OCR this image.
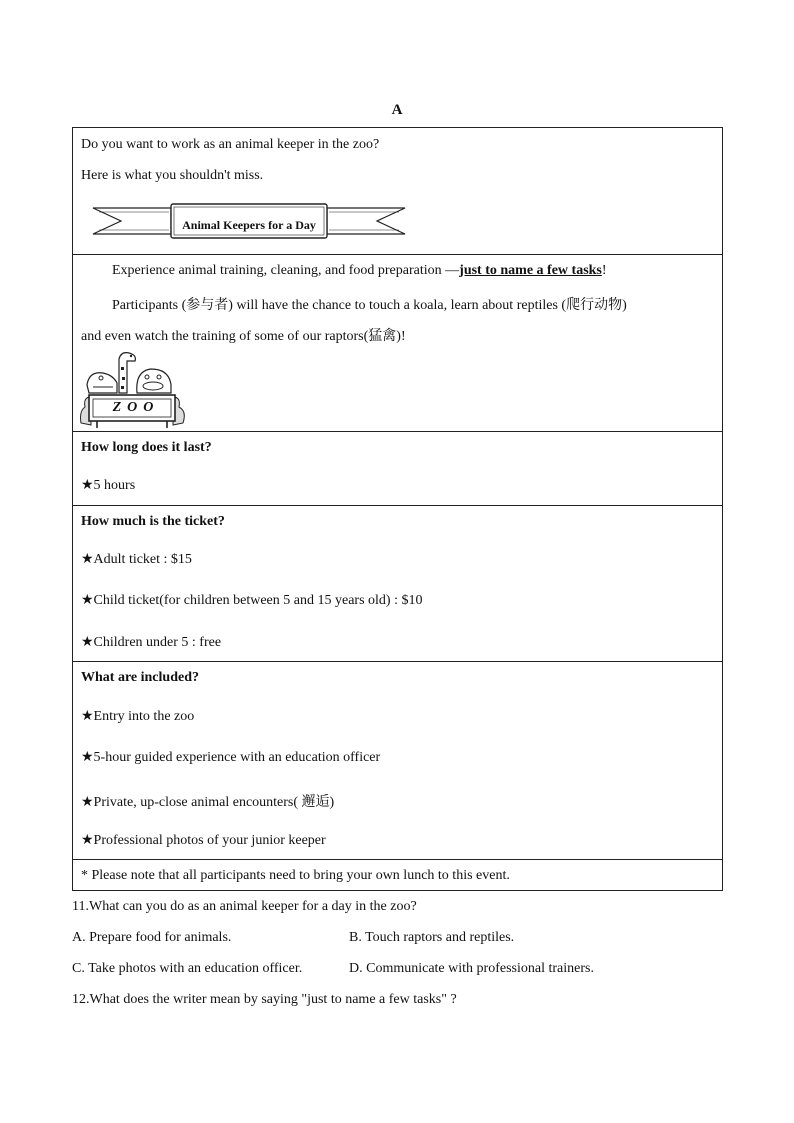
A
Do you want to work as an animal keeper in the zoo?
Here is what you shouldn't miss.
Animal Keepers for a Day
Experience animal training, cleaning, and food preparation —just to name a few tasks!
Participants (参与者) will have the chance to touch a koala, learn about reptiles (爬行动物)
and even watch the training of some of our raptors(猛禽)!
ZOO
How long does it last?
★5 hours
How much is the ticket?
★Adult ticket : $15
★Child ticket(for children between 5 and 15 years old) : $10
★Children under 5 : free
What are included?
★Entry into the zoo
★5-hour guided experience with an education officer
★Private, up-close animal encounters( 邂逅)
★Professional photos of your junior keeper
* Please note that all participants need to bring your own lunch to this event.
11.What can you do as an animal keeper for a day in the zoo?
A. Prepare food for animals.	B. Touch raptors and reptiles.
C. Take photos with an education officer.	D. Communicate with professional trainers.
12.What does the writer mean by saying "just to name a few tasks" ?
